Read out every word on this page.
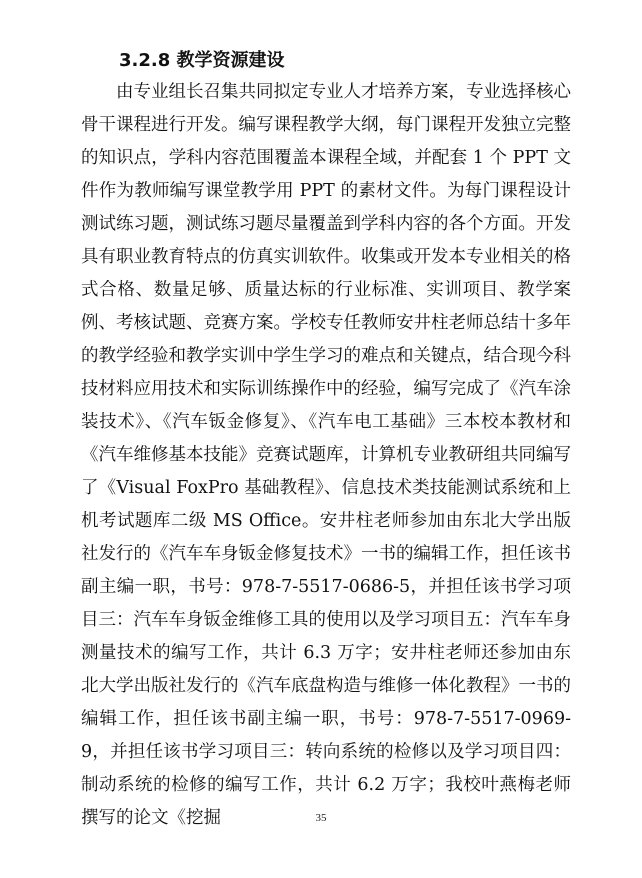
3.2.8 教学资源建设

由专业组长召集共同拟定专业人才培养方案，专业选择核心骨干课程进行开发。编写课程教学大纲，每门课程开发独立完整的知识点，学科内容范围覆盖本课程全域，并配套 1 个 PPT 文件作为教师编写课堂教学用 PPT 的素材文件。为每门课程设计测试练习题，测试练习题尽量覆盖到学科内容的各个方面。开发具有职业教育特点的仿真实训软件。收集或开发本专业相关的格式合格、数量足够、质量达标的行业标准、实训项目、教学案例、考核试题、竞赛方案。学校专任教师安井柱老师总结十多年的教学经验和教学实训中学生学习的难点和关键点，结合现今科技材料应用技术和实际训练操作中的经验，编写完成了《汽车涂装技术》、《汽车钣金修复》、《汽车电工基础》三本校本教材和《汽车维修基本技能》竞赛试题库，计算机专业教研组共同编写了《Visual FoxPro 基础教程》、信息技术类技能测试系统和上机考试题库二级 MS Office。安井柱老师参加由东北大学出版社发行的《汽车车身钣金修复技术》一书的编辑工作，担任该书副主编一职，书号：978-7-5517-0686-5，并担任该书学习项目三：汽车车身钣金维修工具的使用以及学习项目五：汽车车身测量技术的编写工作，共计 6.3 万字；安井柱老师还参加由东北大学出版社发行的《汽车底盘构造与维修一体化教程》一书的编辑工作，担任该书副主编一职，书号：978-7-5517-0969-9，并担任该书学习项目三：转向系统的检修以及学习项目四：制动系统的检修的编写工作，共计 6.2 万字；我校叶燕梅老师撰写的论文《挖掘	35
